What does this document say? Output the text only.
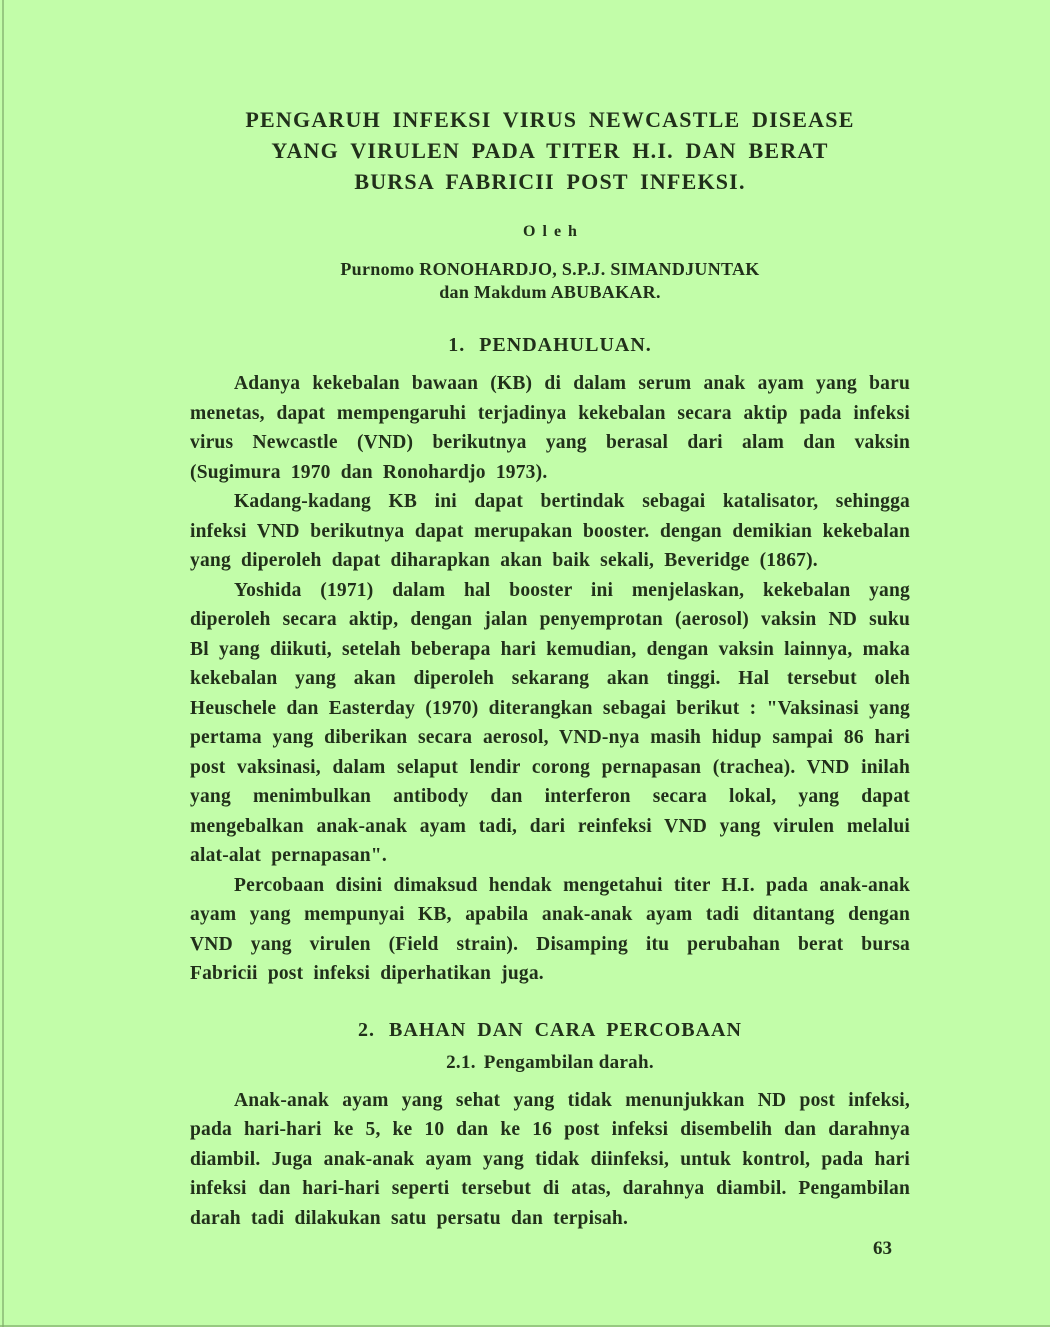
PENGARUH INFEKSI VIRUS NEWCASTLE DISEASE
YANG VIRULEN PADA TITER H.I. DAN BERAT
BURSA FABRICII POST INFEKSI.
Oleh
Purnomo RONOHARDJO, S.P.J. SIMANDJUNTAK
dan Makdum ABUBAKAR.
1. PENDAHULUAN.

Adanya kekebalan bawaan (KB) di dalam serum anak ayam yang baru menetas, dapat mempengaruhi terjadinya kekebalan secara aktip pada infeksi virus Newcastle (VND) berikutnya yang berasal dari alam dan vaksin (Sugimura 1970 dan Ronohardjo 1973).

Kadang-kadang KB ini dapat bertindak sebagai katalisator, sehingga infeksi VND berikutnya dapat merupakan booster. dengan demikian kekebalan yang diperoleh dapat diharapkan akan baik sekali, Beveridge (1867).

Yoshida (1971) dalam hal booster ini menjelaskan, kekebalan yang diperoleh secara aktip, dengan jalan penyemprotan (aerosol) vaksin ND suku Bl yang diikuti, setelah beberapa hari kemudian, dengan vaksin lainnya, maka kekebalan yang akan diperoleh sekarang akan tinggi. Hal tersebut oleh Heuschele dan Easterday (1970) diterangkan sebagai berikut : "Vaksinasi yang pertama yang diberikan secara aerosol, VND-nya masih hidup sampai 86 hari post vaksinasi, dalam selaput lendir corong pernapasan (trachea). VND inilah yang menimbulkan antibody dan interferon secara lokal, yang dapat mengebalkan anak-anak ayam tadi, dari reinfeksi VND yang virulen melalui alat-alat pernapasan".

Percobaan disini dimaksud hendak mengetahui titer H.I. pada anak-anak ayam yang mempunyai KB, apabila anak-anak ayam tadi ditantang dengan VND yang virulen (Field strain). Disamping itu perubahan berat bursa Fabricii post infeksi diperhatikan juga.

2. BAHAN DAN CARA PERCOBAAN
2.1. Pengambilan darah.

Anak-anak ayam yang sehat yang tidak menunjukkan ND post infeksi, pada hari-hari ke 5, ke 10 dan ke 16 post infeksi disembelih dan darahnya diambil. Juga anak-anak ayam yang tidak diinfeksi, untuk kontrol, pada hari infeksi dan hari-hari seperti tersebut di atas, darahnya diambil. Pengambilan darah tadi dilakukan satu persatu dan terpisah.

63
